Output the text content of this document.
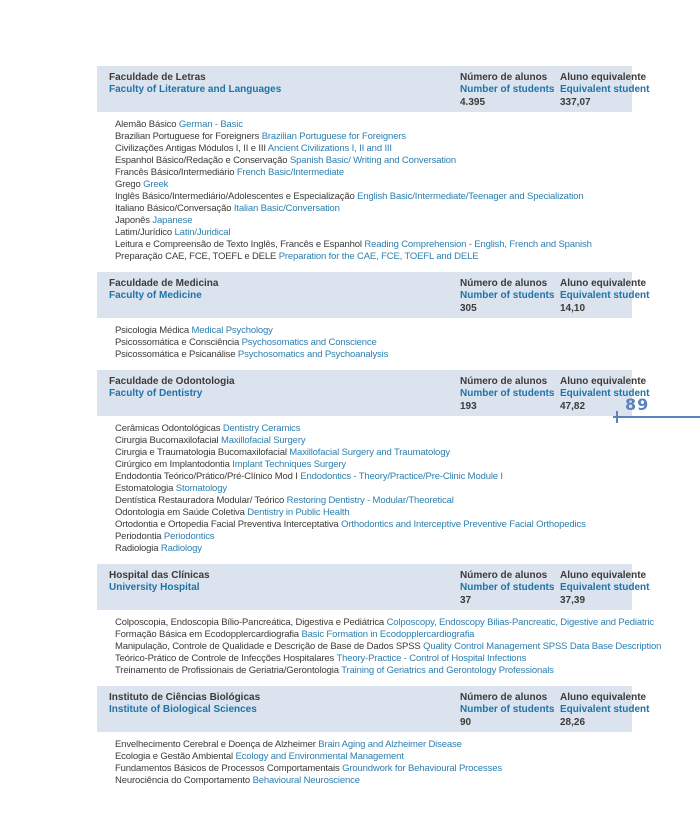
Faculdade de Letras
Faculty of Literature and Languages
Número de alunos
Number of students
4.395
Aluno equivalente
Equivalent student
337,07
Alemão Básico German - Basic
Brazilian Portuguese for Foreigners Brazilian Portuguese for Foreigners
Civilizações Antigas Módulos I, II e III Ancient Civilizations I, II and III
Espanhol Básico/Redação e Conservação Spanish Basic/ Writing and Conversation
Francês Básico/Intermediário French Basic/Intermediate
Grego Greek
Inglês Básico/Intermediário/Adolescentes e Especialização English Basic/Intermediate/Teenager and Specialization
Italiano Básico/Conversação Italian Basic/Conversation
Japonês Japanese
Latim/Jurídico Latin/Juridical
Leitura e Compreensão de Texto Inglês, Francês e Espanhol Reading Comprehension - English, French and Spanish
Preparação CAE, FCE, TOEFL e DELE Preparation for the CAE, FCE, TOEFL and DELE
Faculdade de Medicina
Faculty of Medicine
Número de alunos
Number of students
305
Aluno equivalente
Equivalent student
14,10
Psicologia Médica Medical Psychology
Psicossomática e Consciência Psychosomatics and Conscience
Psicossomática e Psicanálise Psychosomatics and Psychoanalysis
Faculdade de Odontologia
Faculty of Dentistry
Número de alunos
Number of students
193
Aluno equivalente
Equivalent student
47,82
Cerâmicas Odontológicas Dentistry Ceramics
Cirurgia Bucomaxilofacial Maxillofacial Surgery
Cirurgia e Traumatologia Bucomaxilofacial Maxillofacial Surgery and Traumatology
Cirúrgico em Implantodontia Implant Techniques Surgery
Endodontia Teórico/Prático/Pré-Clínico Mod I Endodontics - Theory/Practice/Pre-Clinic Module I
Estomatologia Stomatology
Dentística Restauradora Modular/ Teórico Restoring Dentistry - Modular/Theoretical
Odontologia em Saúde Coletiva Dentistry in Public Health
Ortodontia e Ortopedia Facial Preventiva Interceptativa Orthodontics and Interceptive Preventive Facial Orthopedics
Periodontia Periodontics
Radiologia Radiology
Hospital das Clínicas
University Hospital
Número de alunos
Number of students
37
Aluno equivalente
Equivalent student
37,39
Colposcopia, Endoscopia Bílio-Pancreática, Digestiva e Pediátrica Colposcopy, Endoscopy Bilias-Pancreatic, Digestive and Pediatric
Formação Básica em Ecodopplercardiografia Basic Formation in Ecodopplercardiografia
Manipulação, Controle de Qualidade e Descrição de Base de Dados SPSS Quality Control Management SPSS Data Base Description
Teórico-Prático de Controle de Infecções Hospitalares Theory-Practice - Control of Hospital Infections
Treinamento de Profissionais de Geriatria/Gerontologia Training of Geriatrics and Gerontology Professionals
Instituto de Ciências Biológicas
Institute of Biological Sciences
Número de alunos
Number of students
90
Aluno equivalente
Equivalent student
28,26
Envelhecimento Cerebral e Doença de Alzheimer Brain Aging and Alzheimer Disease
Ecologia e Gestão Ambiental Ecology and Environmental Management
Fundamentos Básicos de Processos Comportamentais Groundwork for Behavioural Processes
Neurociência do Comportamento Behavioural Neuroscience
89
